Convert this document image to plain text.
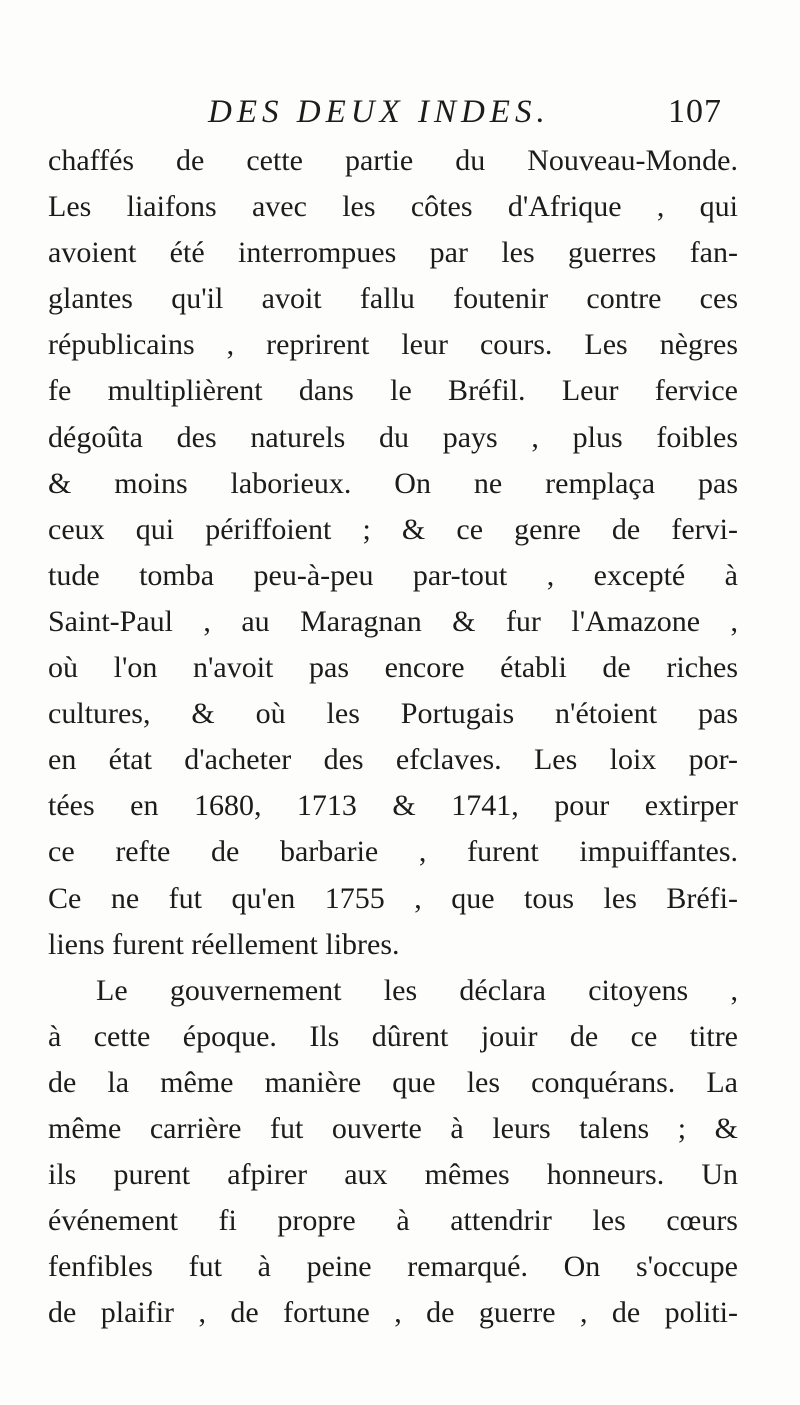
DES DEUX INDES.	107
chaffés de cette partie du Nouveau-Monde.
Les liaifons avec les côtes d'Afrique , qui
avoient été interrompues par les guerres fan-
glantes qu'il avoit fallu foutenir contre ces
républicains , reprirent leur cours. Les nègres
fe multiplièrent dans le Bréfil. Leur fervice
dégoûta des naturels du pays , plus foibles
& moins laborieux. On ne remplaça pas
ceux qui périffoient ; & ce genre de fervi-
tude tomba peu-à-peu par-tout , excepté à
Saint-Paul , au Maragnan & fur l'Amazone ,
où l'on n'avoit pas encore établi de riches
cultures, & où les Portugais n'étoient pas
en état d'acheter des efclaves. Les loix por-
tées en 1680, 1713 & 1741, pour extirper
ce refte de barbarie , furent impuiffantes.
Ce ne fut qu'en 1755 , que tous les Bréfi-
liens furent réellement libres.
Le gouvernement les déclara citoyens ,
à cette époque. Ils dûrent jouir de ce titre
de la même manière que les conquérans. La
même carrière fut ouverte à leurs talens ; &
ils purent afpirer aux mêmes honneurs. Un
événement fi propre à attendrir les cœurs
fenfibles fut à peine remarqué. On s'occupe
de plaifir , de fortune , de guerre , de politi-
